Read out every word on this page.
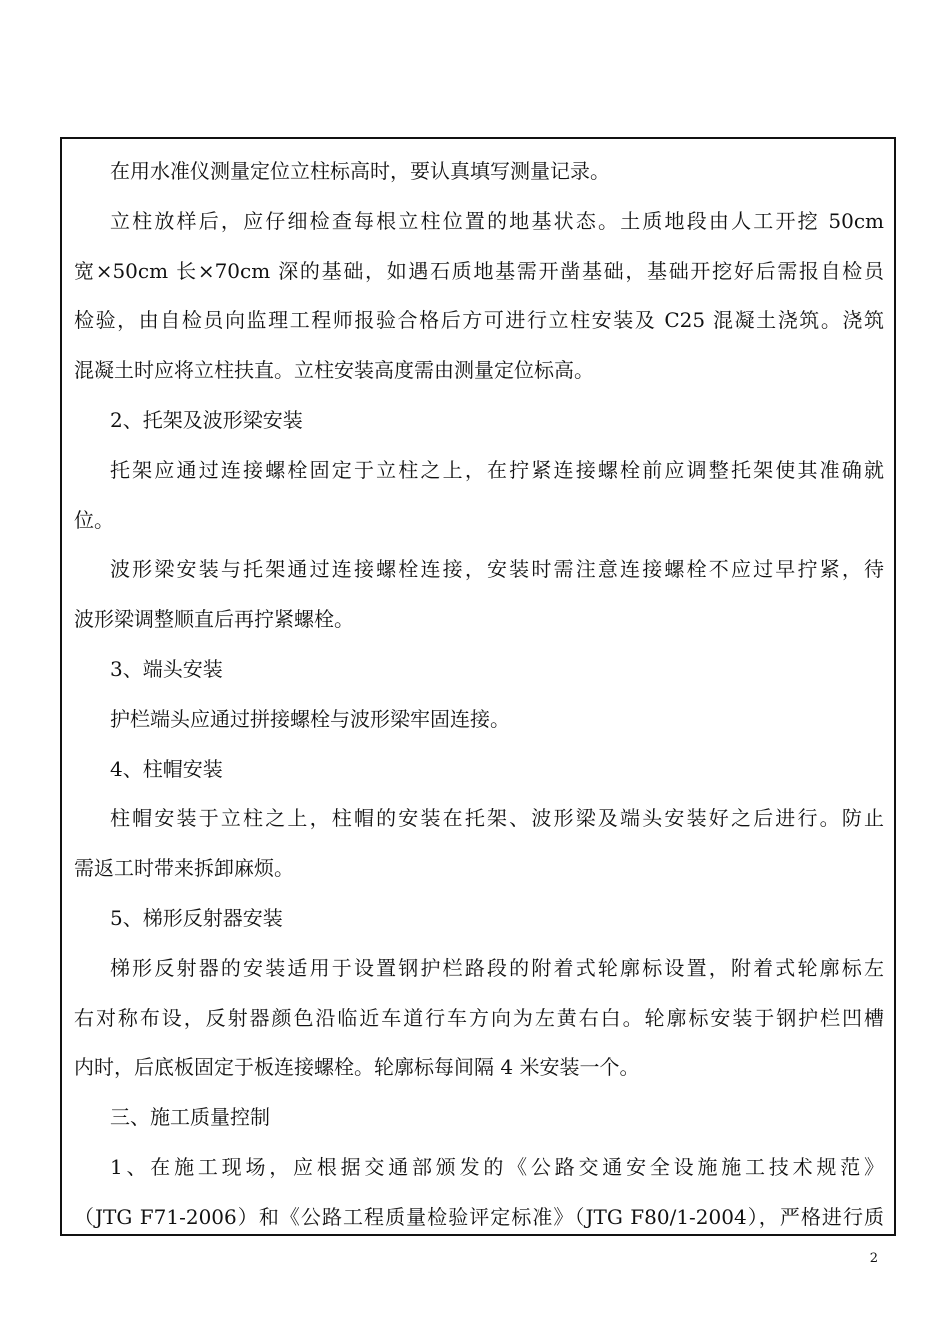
在用水准仪测量定位立柱标高时，要认真填写测量记录。
立柱放样后，应仔细检查每根立柱位置的地基状态。土质地段由人工开挖 50cm
宽×50cm 长×70cm 深的基础，如遇石质地基需开凿基础，基础开挖好后需报自检员
检验，由自检员向监理工程师报验合格后方可进行立柱安装及 C25 混凝土浇筑。浇筑
混凝土时应将立柱扶直。立柱安装高度需由测量定位标高。
2、托架及波形梁安装
托架应通过连接螺栓固定于立柱之上，在拧紧连接螺栓前应调整托架使其准确就
位。
波形梁安装与托架通过连接螺栓连接，安装时需注意连接螺栓不应过早拧紧，待
波形梁调整顺直后再拧紧螺栓。
3、端头安装
护栏端头应通过拼接螺栓与波形梁牢固连接。
4、柱帽安装
柱帽安装于立柱之上，柱帽的安装在托架、波形梁及端头安装好之后进行。防止
需返工时带来拆卸麻烦。
5、梯形反射器安装
梯形反射器的安装适用于设置钢护栏路段的附着式轮廓标设置，附着式轮廓标左
右对称布设，反射器颜色沿临近车道行车方向为左黄右白。轮廓标安装于钢护栏凹槽
内时，后底板固定于板连接螺栓。轮廓标每间隔 4 米安装一个。
三、施工质量控制
1、在施工现场，应根据交通部颁发的《公路交通安全设施施工技术规范》
（JTG F71-2006）和《公路工程质量检验评定标准》（JTG F80/1-2004），严格进行质
2
